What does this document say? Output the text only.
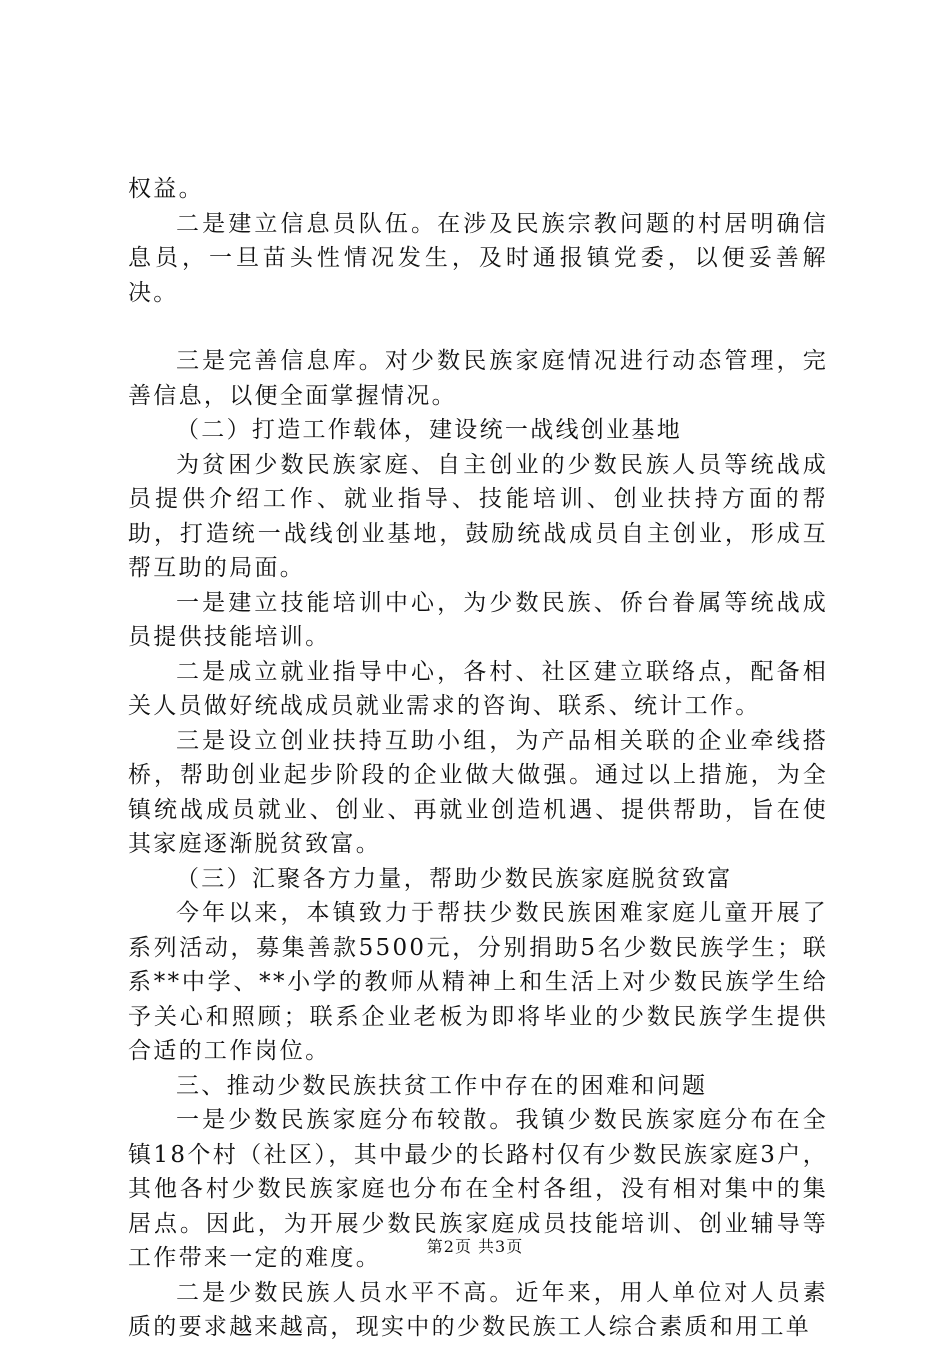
权益。

二是建立信息员队伍。在涉及民族宗教问题的村居明确信息员，一旦苗头性情况发生，及时通报镇党委，以便妥善解决。

三是完善信息库。对少数民族家庭情况进行动态管理，完善信息，以便全面掌握情况。

（二）打造工作载体，建设统一战线创业基地

为贫困少数民族家庭、自主创业的少数民族人员等统战成员提供介绍工作、就业指导、技能培训、创业扶持方面的帮助，打造统一战线创业基地，鼓励统战成员自主创业，形成互帮互助的局面。

一是建立技能培训中心，为少数民族、侨台眷属等统战成员提供技能培训。

二是成立就业指导中心，各村、社区建立联络点，配备相关人员做好统战成员就业需求的咨询、联系、统计工作。

三是设立创业扶持互助小组，为产品相关联的企业牵线搭桥，帮助创业起步阶段的企业做大做强。通过以上措施，为全镇统战成员就业、创业、再就业创造机遇、提供帮助，旨在使其家庭逐渐脱贫致富。

（三）汇聚各方力量，帮助少数民族家庭脱贫致富

今年以来，本镇致力于帮扶少数民族困难家庭儿童开展了系列活动，募集善款5500元，分别捐助5名少数民族学生；联系**中学、**小学的教师从精神上和生活上对少数民族学生给予关心和照顾；联系企业老板为即将毕业的少数民族学生提供合适的工作岗位。

三、推动少数民族扶贫工作中存在的困难和问题

一是少数民族家庭分布较散。我镇少数民族家庭分布在全镇18个村（社区），其中最少的长路村仅有少数民族家庭3户，其他各村少数民族家庭也分布在全村各组，没有相对集中的集居点。因此，为开展少数民族家庭成员技能培训、创业辅导等工作带来一定的难度。

二是少数民族人员水平不高。近年来，用人单位对人员素质的要求越来越高，现实中的少数民族工人综合素质和用工单

第2页 共3页
